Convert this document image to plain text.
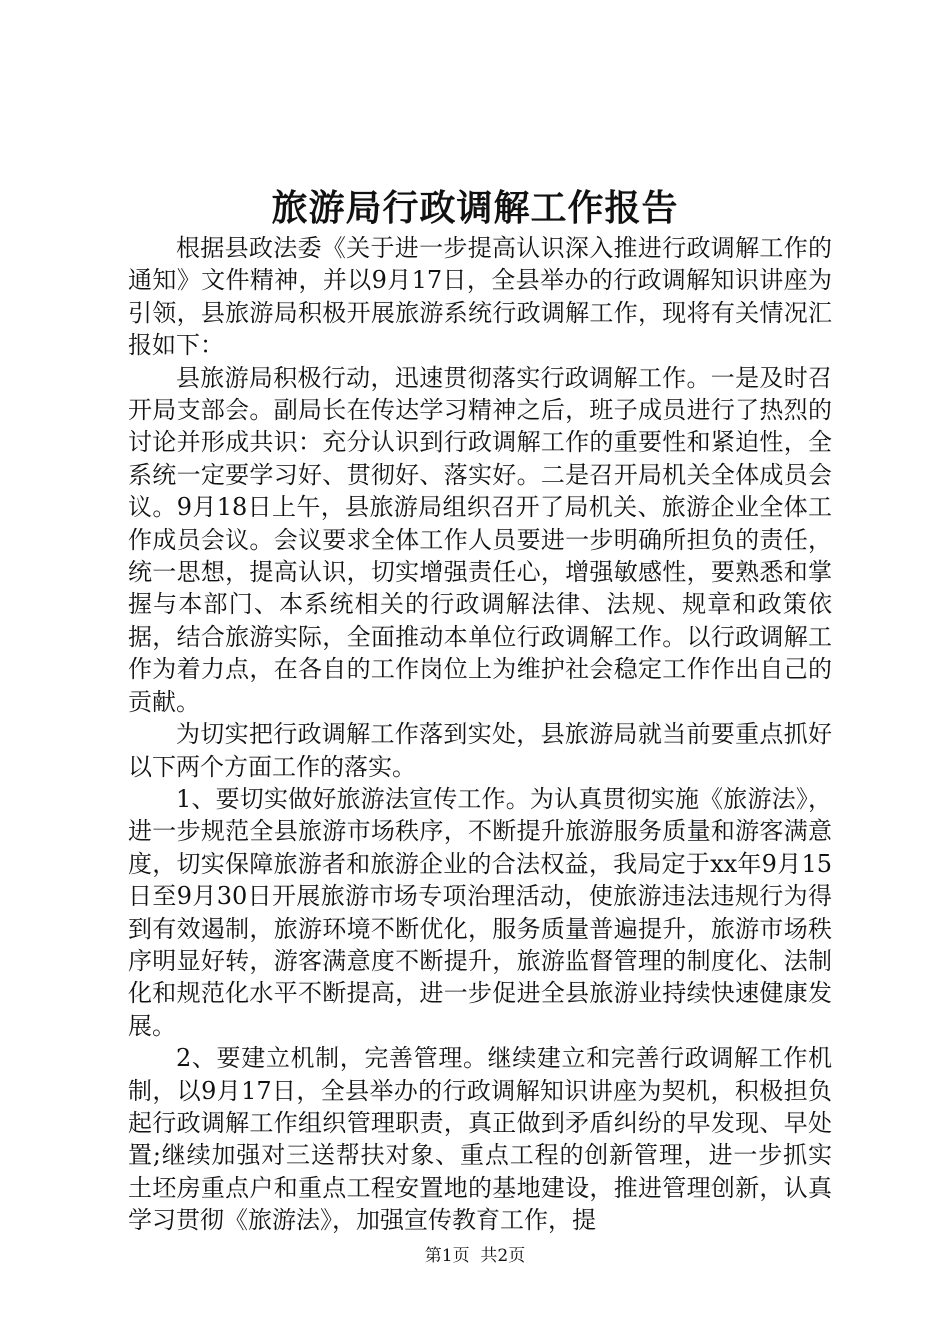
旅游局行政调解工作报告

根据县政法委《关于进一步提高认识深入推进行政调解工作的通知》文件精神，并以9月17日，全县举办的行政调解知识讲座为引领，县旅游局积极开展旅游系统行政调解工作，现将有关情况汇报如下：

县旅游局积极行动，迅速贯彻落实行政调解工作。一是及时召开局支部会。副局长在传达学习精神之后，班子成员进行了热烈的讨论并形成共识：充分认识到行政调解工作的重要性和紧迫性，全系统一定要学习好、贯彻好、落实好。二是召开局机关全体成员会议。9月18日上午，县旅游局组织召开了局机关、旅游企业全体工作成员会议。会议要求全体工作人员要进一步明确所担负的责任，统一思想，提高认识，切实增强责任心，增强敏感性，要熟悉和掌握与本部门、本系统相关的行政调解法律、法规、规章和政策依据，结合旅游实际，全面推动本单位行政调解工作。以行政调解工作为着力点，在各自的工作岗位上为维护社会稳定工作作出自己的贡献。

为切实把行政调解工作落到实处，县旅游局就当前要重点抓好以下两个方面工作的落实。

1、要切实做好旅游法宣传工作。为认真贯彻实施《旅游法》，进一步规范全县旅游市场秩序，不断提升旅游服务质量和游客满意度，切实保障旅游者和旅游企业的合法权益，我局定于xx年9月15日至9月30日开展旅游市场专项治理活动，使旅游违法违规行为得到有效遏制，旅游环境不断优化，服务质量普遍提升，旅游市场秩序明显好转，游客满意度不断提升，旅游监督管理的制度化、法制化和规范化水平不断提高，进一步促进全县旅游业持续快速健康发展。

2、要建立机制，完善管理。继续建立和完善行政调解工作机制，以9月17日，全县举办的行政调解知识讲座为契机，积极担负起行政调解工作组织管理职责，真正做到矛盾纠纷的早发现、早处置;继续加强对三送帮扶对象、重点工程的创新管理，进一步抓实土坯房重点户和重点工程安置地的基地建设，推进管理创新，认真学习贯彻《旅游法》，加强宣传教育工作，提

第1页 共2页
